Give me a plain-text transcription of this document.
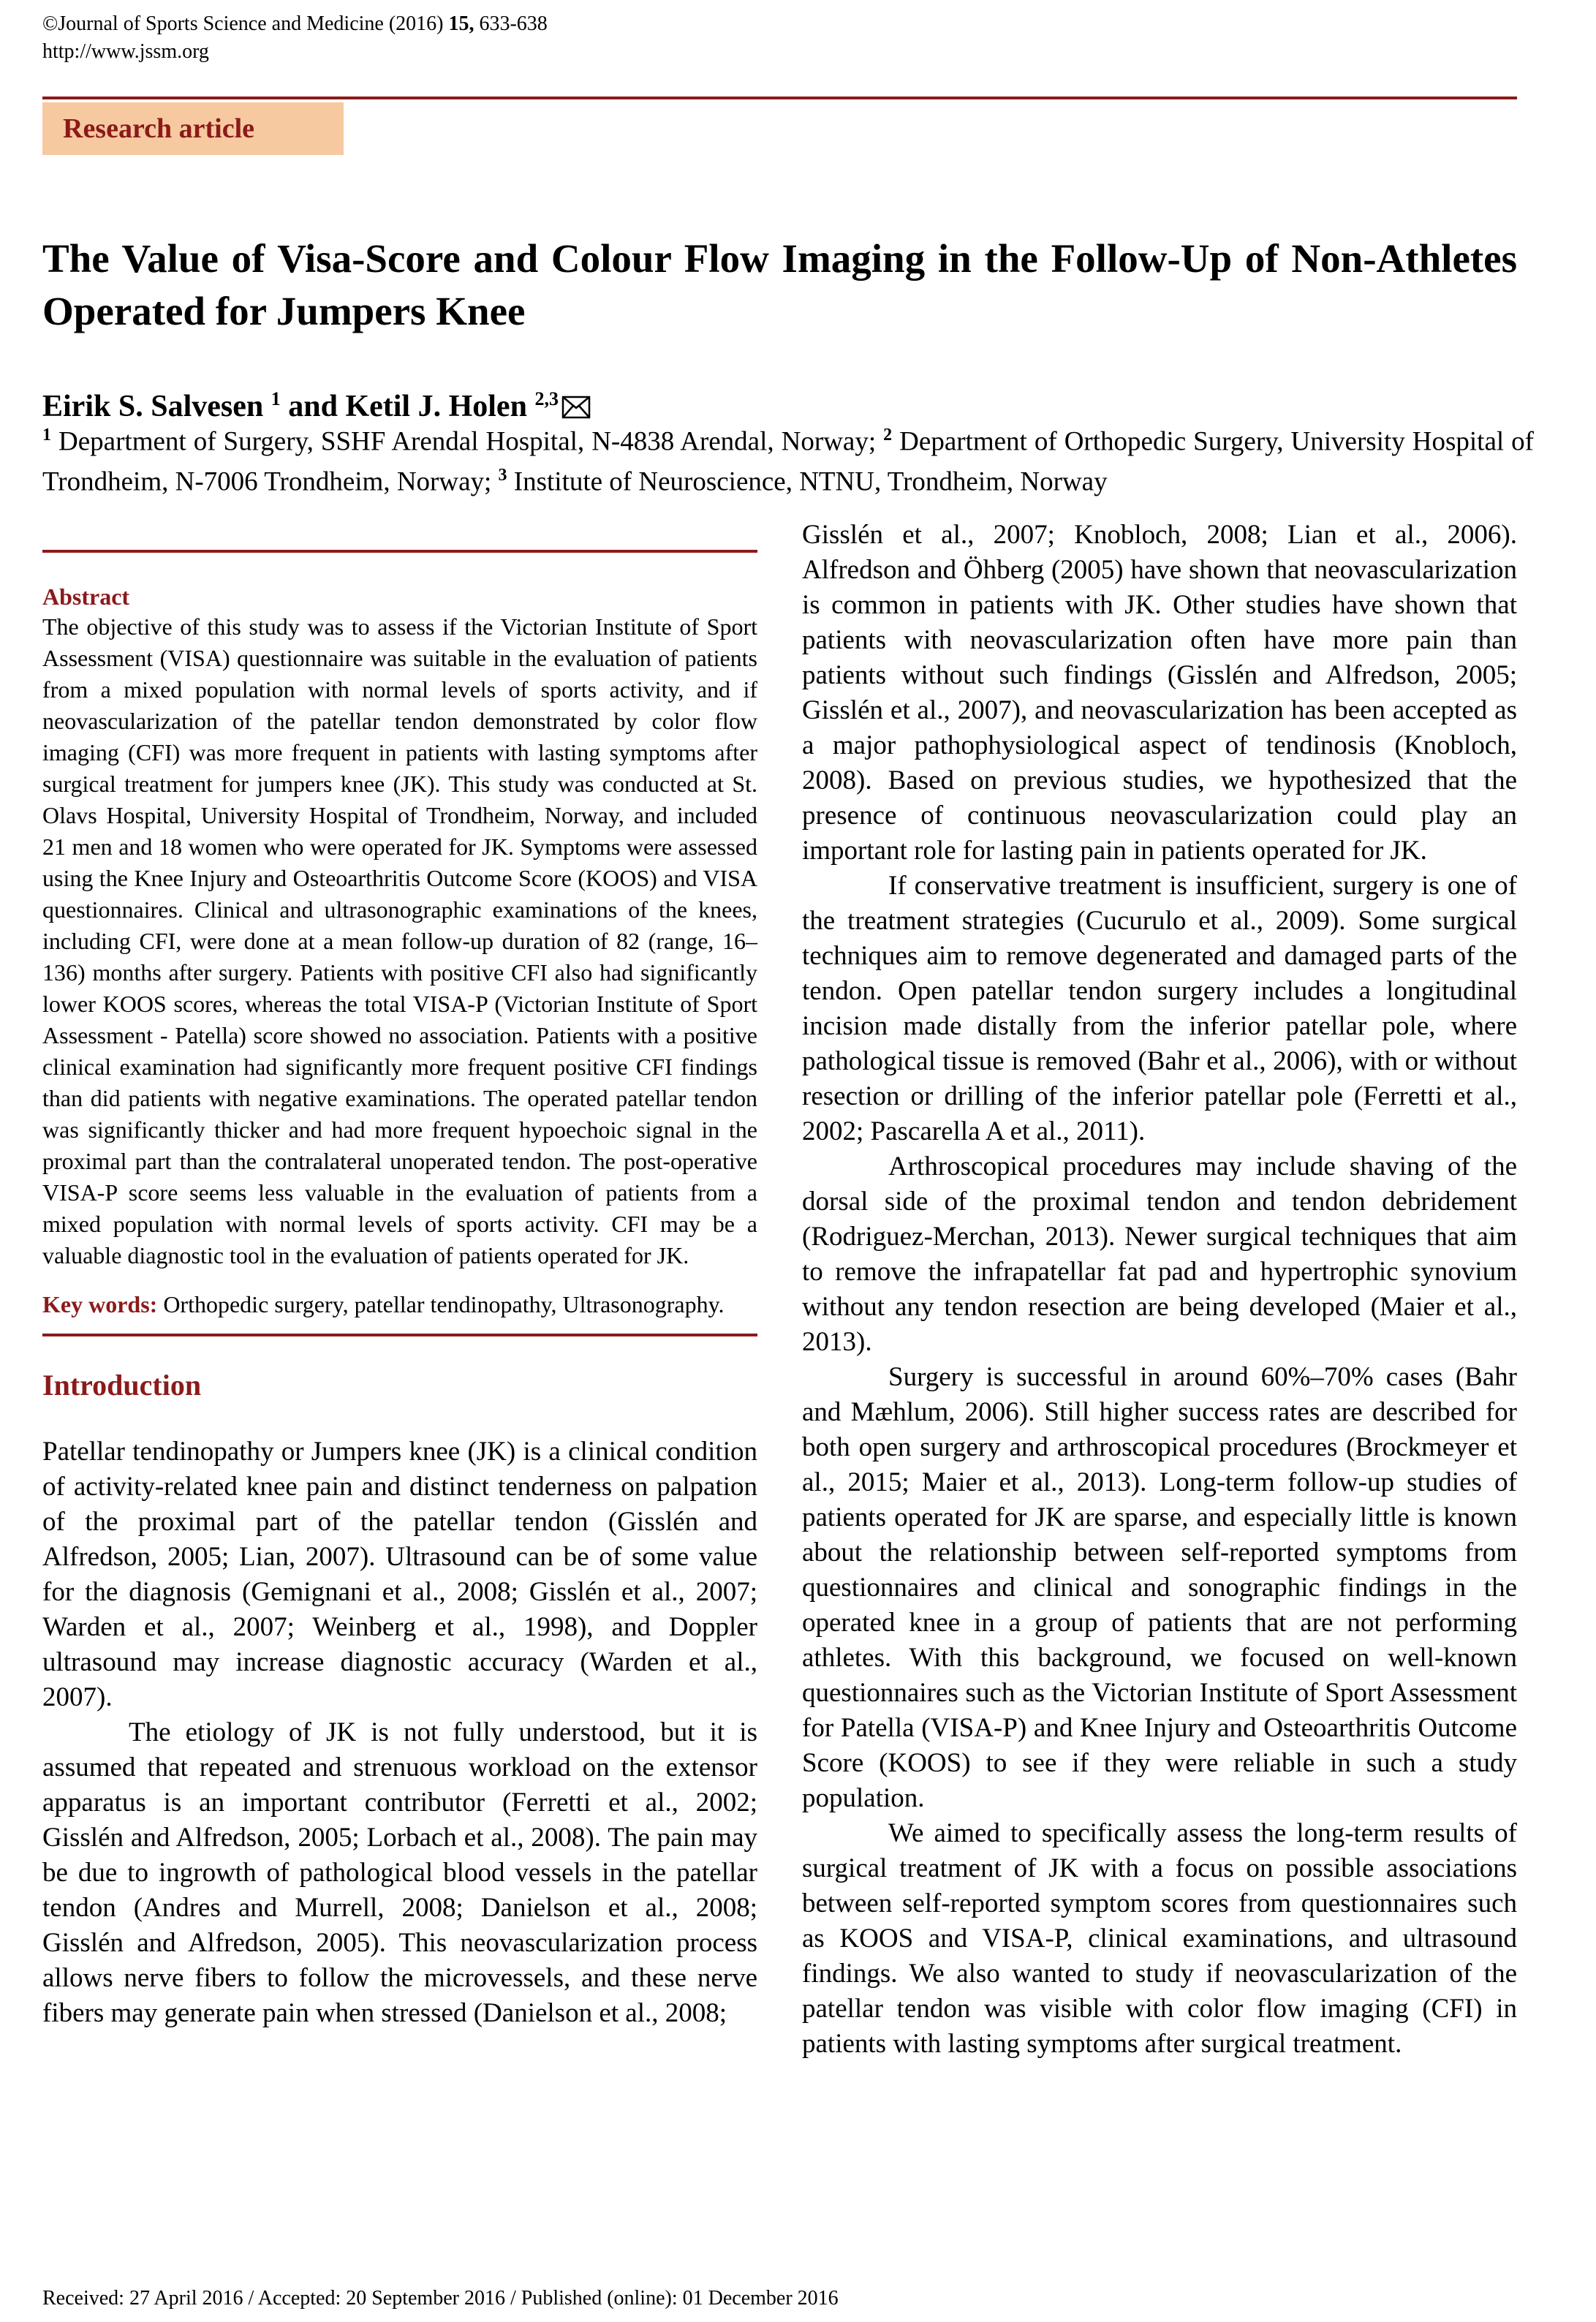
©Journal of Sports Science and Medicine (2016) 15, 633-638
http://www.jssm.org
Research article
The Value of Visa-Score and Colour Flow Imaging in the Follow-Up of Non-Athletes Operated for Jumpers Knee
Eirik S. Salvesen $^1$ and Ketil J. Holen $^{2,3}$
$^1$ Department of Surgery, SSHF Arendal Hospital, N-4838 Arendal, Norway; $^2$ Department of Orthopedic Surgery, University Hospital of Trondheim, N-7006 Trondheim, Norway; $^3$ Institute of Neuroscience, NTNU, Trondheim, Norway
Abstract

The objective of this study was to assess if the Victorian Institute of Sport Assessment (VISA) questionnaire was suitable in the evaluation of patients from a mixed population with normal levels of sports activity, and if neovascularization of the patellar tendon demonstrated by color flow imaging (CFI) was more frequent in patients with lasting symptoms after surgical treatment for jumpers knee (JK). This study was conducted at St. Olavs Hospital, University Hospital of Trondheim, Norway, and included 21 men and 18 women who were operated for JK. Symptoms were assessed using the Knee Injury and Osteoarthritis Outcome Score (KOOS) and VISA questionnaires. Clinical and ultrasonographic examinations of the knees, including CFI, were done at a mean follow-up duration of 82 (range, 16–136) months after surgery. Patients with positive CFI also had significantly lower KOOS scores, whereas the total VISA-P (Victorian Institute of Sport Assessment - Patella) score showed no association. Patients with a positive clinical examination had significantly more frequent positive CFI findings than did patients with negative examinations. The operated patellar tendon was significantly thicker and had more frequent hypoechoic signal in the proximal part than the contralateral unoperated tendon. The post-operative VISA-P score seems less valuable in the evaluation of patients from a mixed population with normal levels of sports activity. CFI may be a valuable diagnostic tool in the evaluation of patients operated for JK.

Key words: Orthopedic surgery, patellar tendinopathy, Ultrasonography.
Introduction

Patellar tendinopathy or Jumpers knee (JK) is a clinical condition of activity-related knee pain and distinct tenderness on palpation of the proximal part of the patellar tendon (Gisslén and Alfredson, 2005; Lian, 2007). Ultrasound can be of some value for the diagnosis (Gemignani et al., 2008; Gisslén et al., 2007; Warden et al., 2007; Weinberg et al., 1998), and Doppler ultrasound may increase diagnostic accuracy (Warden et al., 2007).

The etiology of JK is not fully understood, but it is assumed that repeated and strenuous workload on the extensor apparatus is an important contributor (Ferretti et al., 2002; Gisslén and Alfredson, 2005; Lorbach et al., 2008). The pain may be due to ingrowth of pathological blood vessels in the patellar tendon (Andres and Murrell, 2008; Danielson et al., 2008; Gisslén and Alfredson, 2005). This neovascularization process allows nerve fibers to follow the microvessels, and these nerve fibers may generate pain when stressed (Danielson et al., 2008;

Gisslén et al., 2007; Knobloch, 2008; Lian et al., 2006). Alfredson and Öhberg (2005) have shown that neovascularization is common in patients with JK. Other studies have shown that patients with neovascularization often have more pain than patients without such findings (Gisslén and Alfredson, 2005; Gisslén et al., 2007), and neovascularization has been accepted as a major pathophysiological aspect of tendinosis (Knobloch, 2008). Based on previous studies, we hypothesized that the presence of continuous neovascularization could play an important role for lasting pain in patients operated for JK.

If conservative treatment is insufficient, surgery is one of the treatment strategies (Cucurulo et al., 2009). Some surgical techniques aim to remove degenerated and damaged parts of the tendon. Open patellar tendon surgery includes a longitudinal incision made distally from the inferior patellar pole, where pathological tissue is removed (Bahr et al., 2006), with or without resection or drilling of the inferior patellar pole (Ferretti et al., 2002; Pascarella A et al., 2011).

Arthroscopical procedures may include shaving of the dorsal side of the proximal tendon and tendon debridement (Rodriguez-Merchan, 2013). Newer surgical techniques that aim to remove the infrapatellar fat pad and hypertrophic synovium without any tendon resection are being developed (Maier et al., 2013).

Surgery is successful in around 60%–70% cases (Bahr and Mæhlum, 2006). Still higher success rates are described for both open surgery and arthroscopical procedures (Brockmeyer et al., 2015; Maier et al., 2013). Long-term follow-up studies of patients operated for JK are sparse, and especially little is known about the relationship between self-reported symptoms from questionnaires and clinical and sonographic findings in the operated knee in a group of patients that are not performing athletes. With this background, we focused on well-known questionnaires such as the Victorian Institute of Sport Assessment for Patella (VISA-P) and Knee Injury and Osteoarthritis Outcome Score (KOOS) to see if they were reliable in such a study population.

We aimed to specifically assess the long-term results of surgical treatment of JK with a focus on possible associations between self-reported symptom scores from questionnaires such as KOOS and VISA-P, clinical examinations, and ultrasound findings. We also wanted to study if neovascularization of the patellar tendon was visible with color flow imaging (CFI) in patients with lasting symptoms after surgical treatment.

Received: 27 April 2016 / Accepted: 20 September 2016 / Published (online): 01 December 2016
